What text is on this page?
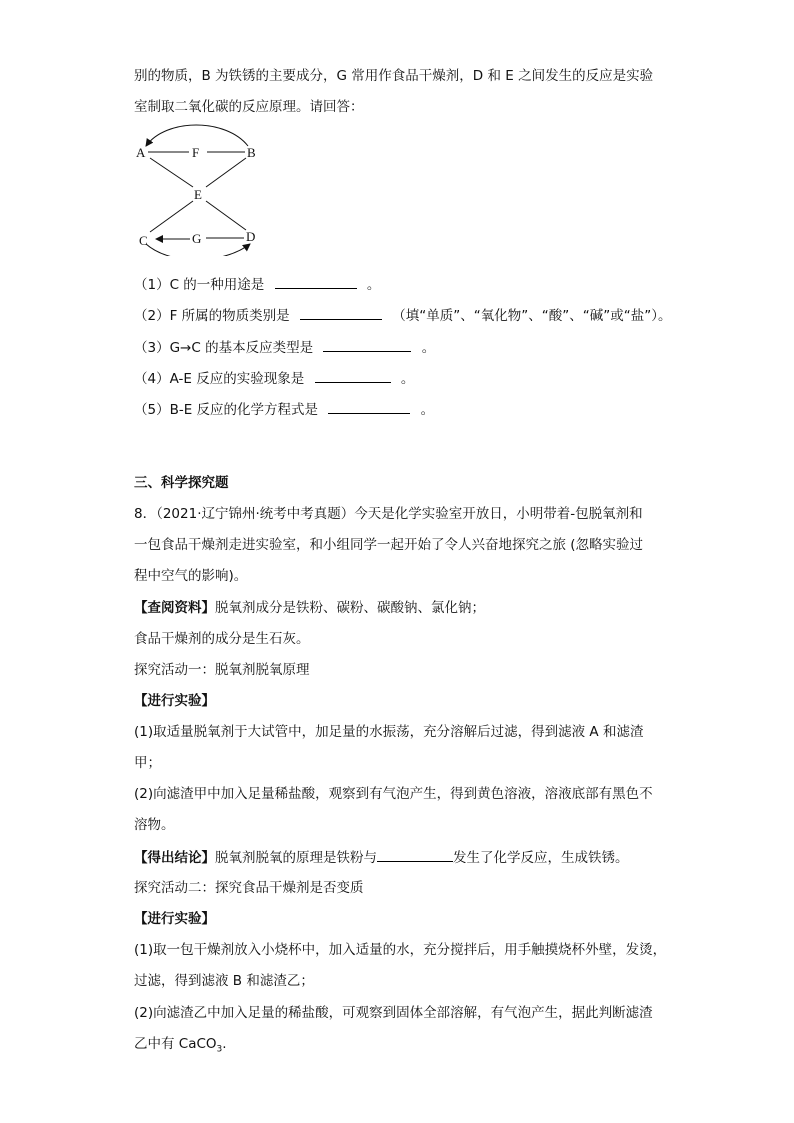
别的物质，B 为铁锈的主要成分，G 常用作食品干燥剂，D 和 E 之间发生的反应是实验
室制取二氧化碳的反应原理。请回答：
A	F	B
E
C	G	D
（1）C 的一种用途是	。
（2）F 所属的物质类别是	（填“单质”、“氧化物”、“酸”、“碱”或“盐”）。
（3）G→C 的基本反应类型是	。
（4）A-E 反应的实验现象是	。
（5）B-E 反应的化学方程式是	。
三、科学探究题
8．（2021·辽宁锦州·统考中考真题）今天是化学实验室开放日，小明带着-包脱氧剂和
一包食品干燥剂走进实验室，和小组同学一起开始了令人兴奋地探究之旅 (忽略实验过
程中空气的影响)。
【查阅资料】脱氧剂成分是铁粉、碳粉、碳酸钠、氯化钠；
食品干燥剂的成分是生石灰。
探究活动一：脱氧剂脱氧原理
【进行实验】
(1)取适量脱氧剂于大试管中，加足量的水振荡，充分溶解后过滤，得到滤液 A 和滤渣
甲；
(2)向滤渣甲中加入足量稀盐酸，观察到有气泡产生，得到黄色溶液，溶液底部有黑色不
溶物。
【得出结论】脱氧剂脱氧的原理是铁粉与	发生了化学反应，生成铁锈。
探究活动二：探究食品干燥剂是否变质
【进行实验】
(1)取一包干燥剂放入小烧杯中，加入适量的水，充分搅拌后，用手触摸烧杯外壁，发烫，
过滤，得到滤液 B 和滤渣乙；
(2)向滤渣乙中加入足量的稀盐酸，可观察到固体全部溶解，有气泡产生，据此判断滤渣
乙中有 CaCO$_3$.
